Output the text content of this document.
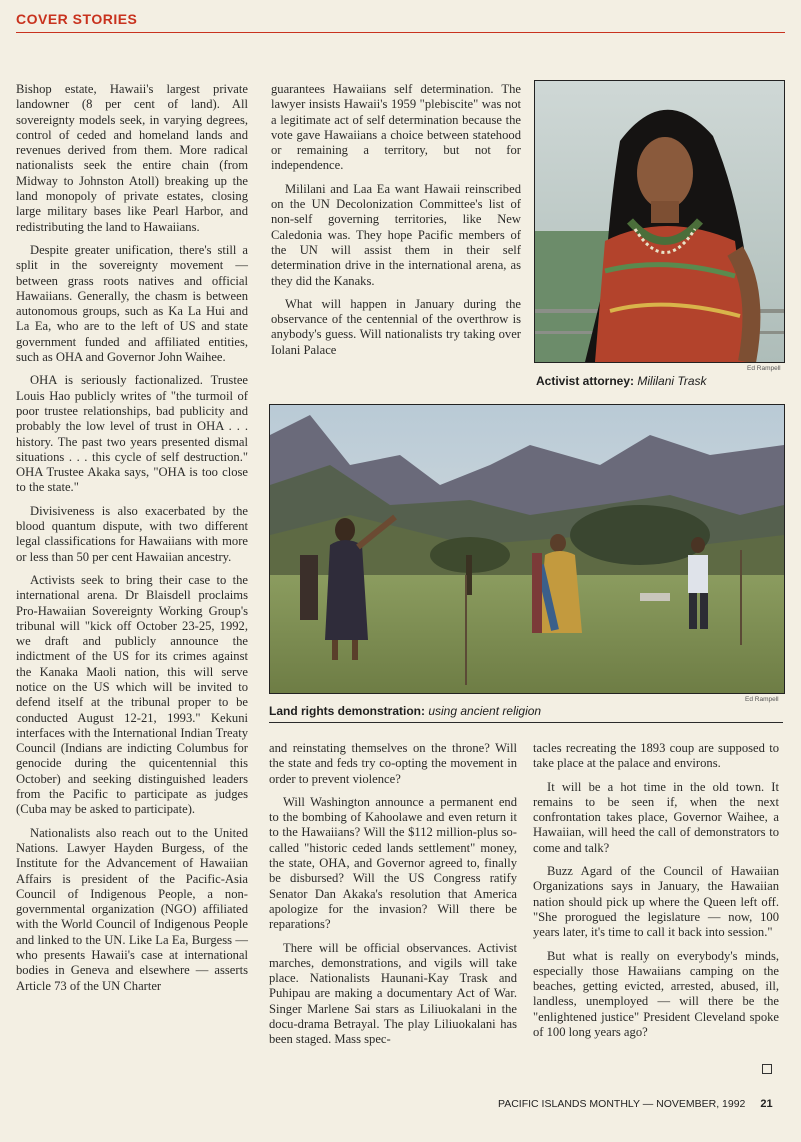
COVER STORIES

Bishop estate, Hawaii's largest private landowner (8 per cent of land). All sovereignty models seek, in varying degrees, control of ceded and homeland lands and revenues derived from them. More radical nationalists seek the entire chain (from Midway to Johnston Atoll) breaking up the land monopoly of private estates, closing large military bases like Pearl Harbor, and redistributing the land to Hawaiians.

Despite greater unification, there's still a split in the sovereignty movement — between grass roots natives and official Hawaiians. Generally, the chasm is between autonomous groups, such as Ka La Hui and La Ea, who are to the left of US and state government funded and affiliated entities, such as OHA and Governor John Waihee.

OHA is seriously factionalized. Trustee Louis Hao publicly writes of "the turmoil of poor trustee relationships, bad publicity and probably the low level of trust in OHA . . . history. The past two years presented dismal situations . . . this cycle of self destruction." OHA Trustee Akaka says, "OHA is too close to the state."

Divisiveness is also exacerbated by the blood quantum dispute, with two different legal classifications for Hawaiians with more or less than 50 per cent Hawaiian ancestry.

Activists seek to bring their case to the international arena. Dr Blaisdell proclaims Pro-Hawaiian Sovereignty Working Group's tribunal will "kick off October 23-25, 1992, we draft and publicly announce the indictment of the US for its crimes against the Kanaka Maoli nation, this will serve notice on the US which will be invited to defend itself at the tribunal proper to be conducted August 12-21, 1993." Kekuni interfaces with the International Indian Treaty Council (Indians are indicting Columbus for genocide during the quicentennial this October) and seeking distinguished leaders from the Pacific to participate as judges (Cuba may be asked to participate).

Nationalists also reach out to the United Nations. Lawyer Hayden Burgess, of the Institute for the Advancement of Hawaiian Affairs is president of the Pacific-Asia Council of Indigenous People, a non-governmental organization (NGO) affiliated with the World Council of Indigenous People and linked to the UN. Like La Ea, Burgess — who presents Hawaii's case at international bodies in Geneva and elsewhere — asserts Article 73 of the UN Charter

guarantees Hawaiians self determination. The lawyer insists Hawaii's 1959 "plebiscite" was not a legitimate act of self determination because the vote gave Hawaiians a choice between statehood or remaining a territory, but not for independence.

Mililani and Laa Ea want Hawaii reinscribed on the UN Decolonization Committee's list of non-self governing territories, like New Caledonia was. They hope Pacific members of the UN will assist them in their self determination drive in the international arena, as they did the Kanaks.

What will happen in January during the observance of the centennial of the overthrow is anybody's guess. Will nationalists try taking over Iolani Palace

Ed Rampell
Activist attorney: Mililani Trask
Ed Rampell
Land rights demonstration: using ancient religion

and reinstating themselves on the throne? Will the state and feds try co-opting the movement in order to prevent violence?

Will Washington announce a permanent end to the bombing of Kahoolawe and even return it to the Hawaiians? Will the $112 million-plus so-called "historic ceded lands settlement" money, the state, OHA, and Governor agreed to, finally be disbursed? Will the US Congress ratify Senator Dan Akaka's resolution that America apologize for the invasion? Will there be reparations?

There will be official observances. Activist marches, demonstrations, and vigils will take place. Nationalists Haunani-Kay Trask and Puhipau are making a documentary Act of War. Singer Marlene Sai stars as Liliuokalani in the docu-drama Betrayal. The play Liliuokalani has been staged. Mass spec-

tacles recreating the 1893 coup are supposed to take place at the palace and environs.

It will be a hot time in the old town. It remains to be seen if, when the next confrontation takes place, Governor Waihee, a Hawaiian, will heed the call of demonstrators to come and talk?

Buzz Agard of the Council of Hawaiian Organizations says in January, the Hawaiian nation should pick up where the Queen left off. "She prorogued the legislature — now, 100 years later, it's time to call it back into session."

But what is really on everybody's minds, especially those Hawaiians camping on the beaches, getting evicted, arrested, abused, ill, landless, unemployed — will there be the "enlightened justice" President Cleveland spoke of 100 long years ago?

PACIFIC ISLANDS MONTHLY — NOVEMBER, 1992 21
